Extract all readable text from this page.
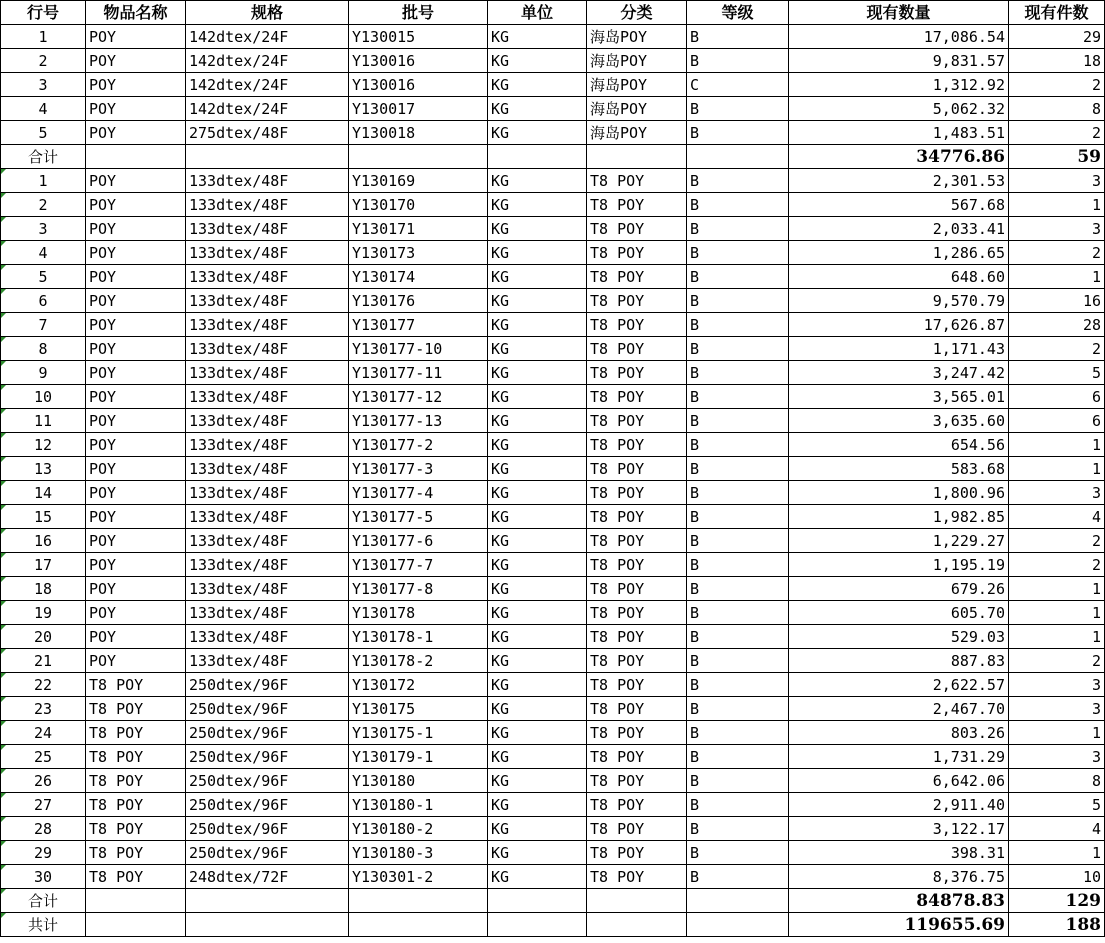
行号	物品名称	规格	批号	单位	分类	等级	现有数量	现有件数
1	POY	142dtex/24F	Y130015	KG	海岛POY	B	17,086.54	29
2	POY	142dtex/24F	Y130016	KG	海岛POY	B	9,831.57	18
3	POY	142dtex/24F	Y130016	KG	海岛POY	C	1,312.92	2
4	POY	142dtex/24F	Y130017	KG	海岛POY	B	5,062.32	8
5	POY	275dtex/48F	Y130018	KG	海岛POY	B	1,483.51	2
合计							34776.86	59
1	POY	133dtex/48F	Y130169	KG	T8 POY	B	2,301.53	3
2	POY	133dtex/48F	Y130170	KG	T8 POY	B	567.68	1
3	POY	133dtex/48F	Y130171	KG	T8 POY	B	2,033.41	3
4	POY	133dtex/48F	Y130173	KG	T8 POY	B	1,286.65	2
5	POY	133dtex/48F	Y130174	KG	T8 POY	B	648.60	1
6	POY	133dtex/48F	Y130176	KG	T8 POY	B	9,570.79	16
7	POY	133dtex/48F	Y130177	KG	T8 POY	B	17,626.87	28
8	POY	133dtex/48F	Y130177-10	KG	T8 POY	B	1,171.43	2
9	POY	133dtex/48F	Y130177-11	KG	T8 POY	B	3,247.42	5
10	POY	133dtex/48F	Y130177-12	KG	T8 POY	B	3,565.01	6
11	POY	133dtex/48F	Y130177-13	KG	T8 POY	B	3,635.60	6
12	POY	133dtex/48F	Y130177-2	KG	T8 POY	B	654.56	1
13	POY	133dtex/48F	Y130177-3	KG	T8 POY	B	583.68	1
14	POY	133dtex/48F	Y130177-4	KG	T8 POY	B	1,800.96	3
15	POY	133dtex/48F	Y130177-5	KG	T8 POY	B	1,982.85	4
16	POY	133dtex/48F	Y130177-6	KG	T8 POY	B	1,229.27	2
17	POY	133dtex/48F	Y130177-7	KG	T8 POY	B	1,195.19	2
18	POY	133dtex/48F	Y130177-8	KG	T8 POY	B	679.26	1
19	POY	133dtex/48F	Y130178	KG	T8 POY	B	605.70	1
20	POY	133dtex/48F	Y130178-1	KG	T8 POY	B	529.03	1
21	POY	133dtex/48F	Y130178-2	KG	T8 POY	B	887.83	2
22	T8 POY	250dtex/96F	Y130172	KG	T8 POY	B	2,622.57	3
23	T8 POY	250dtex/96F	Y130175	KG	T8 POY	B	2,467.70	3
24	T8 POY	250dtex/96F	Y130175-1	KG	T8 POY	B	803.26	1
25	T8 POY	250dtex/96F	Y130179-1	KG	T8 POY	B	1,731.29	3
26	T8 POY	250dtex/96F	Y130180	KG	T8 POY	B	6,642.06	8
27	T8 POY	250dtex/96F	Y130180-1	KG	T8 POY	B	2,911.40	5
28	T8 POY	250dtex/96F	Y130180-2	KG	T8 POY	B	3,122.17	4
29	T8 POY	250dtex/96F	Y130180-3	KG	T8 POY	B	398.31	1
30	T8 POY	248dtex/72F	Y130301-2	KG	T8 POY	B	8,376.75	10
合计							84878.83	129
共计							119655.69	188
